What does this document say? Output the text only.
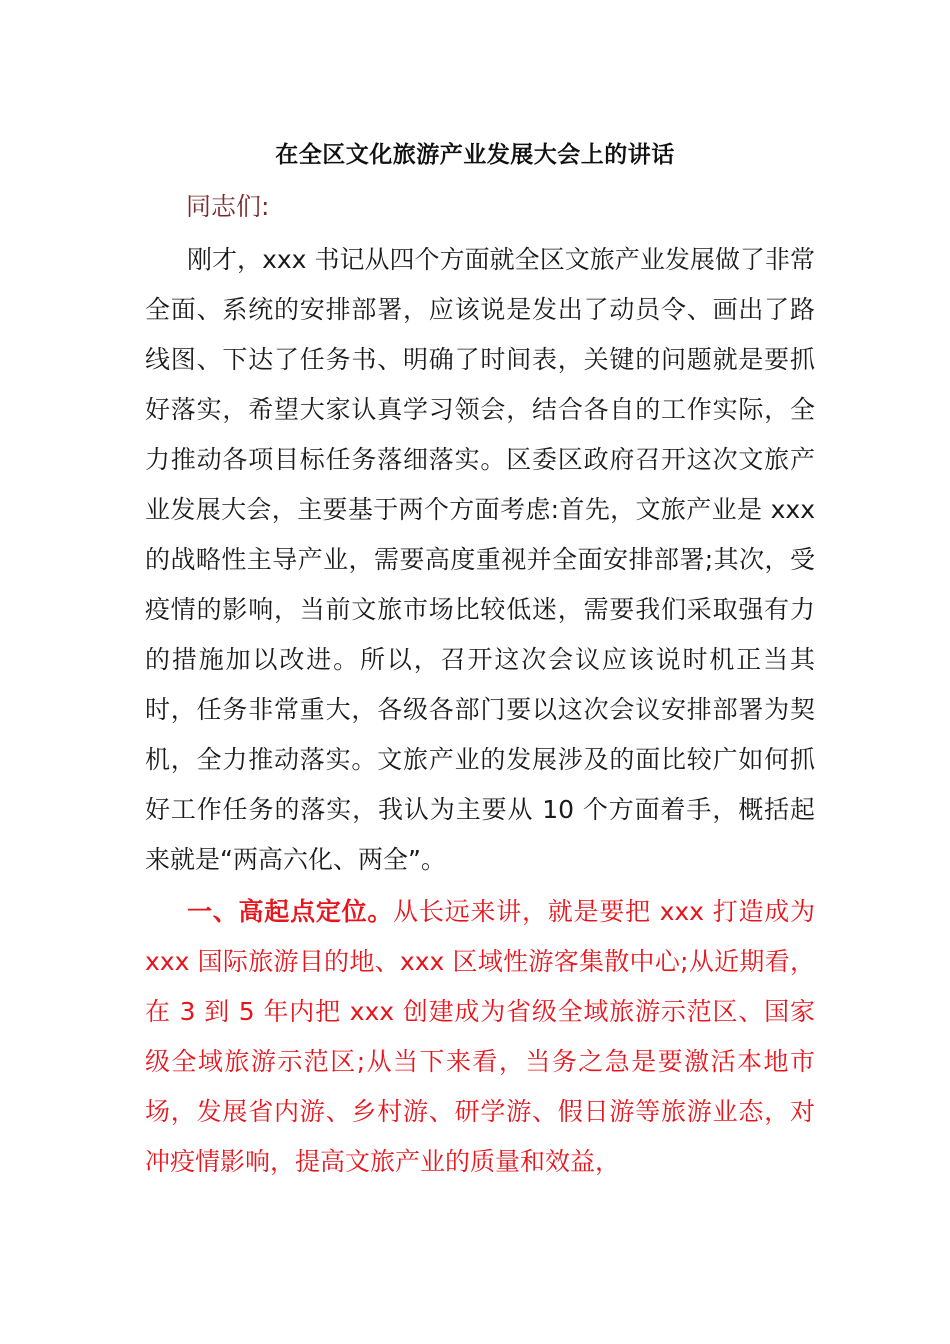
在全区文化旅游产业发展大会上的讲话
同志们:

刚才，xxx 书记从四个方面就全区文旅产业发展做了非常全面、系统的安排部署，应该说是发出了动员令、画出了路线图、下达了任务书、明确了时间表，关键的问题就是要抓好落实，希望大家认真学习领会，结合各自的工作实际，全力推动各项目标任务落细落实。区委区政府召开这次文旅产业发展大会，主要基于两个方面考虑:首先，文旅产业是 xxx 的战略性主导产业，需要高度重视并全面安排部署;其次，受疫情的影响，当前文旅市场比较低迷，需要我们采取强有力的措施加以改进。所以，召开这次会议应该说时机正当其时，任务非常重大，各级各部门要以这次会议安排部署为契机，全力推动落实。文旅产业的发展涉及的面比较广如何抓好工作任务的落实，我认为主要从 10 个方面着手，概括起来就是“两高六化、两全”。

一、高起点定位。从长远来讲，就是要把 xxx 打造成为 xxx 国际旅游目的地、xxx 区域性游客集散中心;从近期看，在 3 到 5 年内把 xxx 创建成为省级全域旅游示范区、国家级全域旅游示范区;从当下来看，当务之急是要激活本地市场，发展省内游、乡村游、研学游、假日游等旅游业态，对冲疫情影响，提高文旅产业的质量和效益，
